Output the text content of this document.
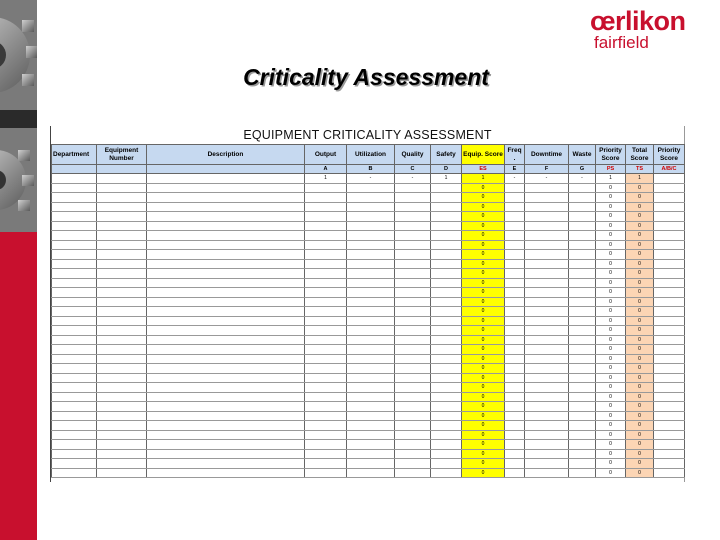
œrlikon
fairfield
Criticality Assessment
EQUIPMENT CRITICALITY ASSESSMENT
Department	Equipment Number	Description	Output	Utilization	Quality	Safety	Equip. Score	Freq .	Downtime	Waste	Priority Score	Total Score	Priority Score
			A	B	C	D	ES	E	F	G	PS	TS	A/B/C
			1	-	-	1	1	-	-	-	1	1	
							0				0	0	
							0				0	0	
							0				0	0	
							0				0	0	
							0				0	0	
							0				0	0	
							0				0	0	
							0				0	0	
							0				0	0	
							0				0	0	
							0				0	0	
							0				0	0	
							0				0	0	
							0				0	0	
							0				0	0	
							0				0	0	
							0				0	0	
							0				0	0	
							0				0	0	
							0				0	0	
							0				0	0	
							0				0	0	
							0				0	0	
							0				0	0	
							0				0	0	
							0				0	0	
							0				0	0	
							0				0	0	
							0				0	0	
							0				0	0	
							0				0	0	
